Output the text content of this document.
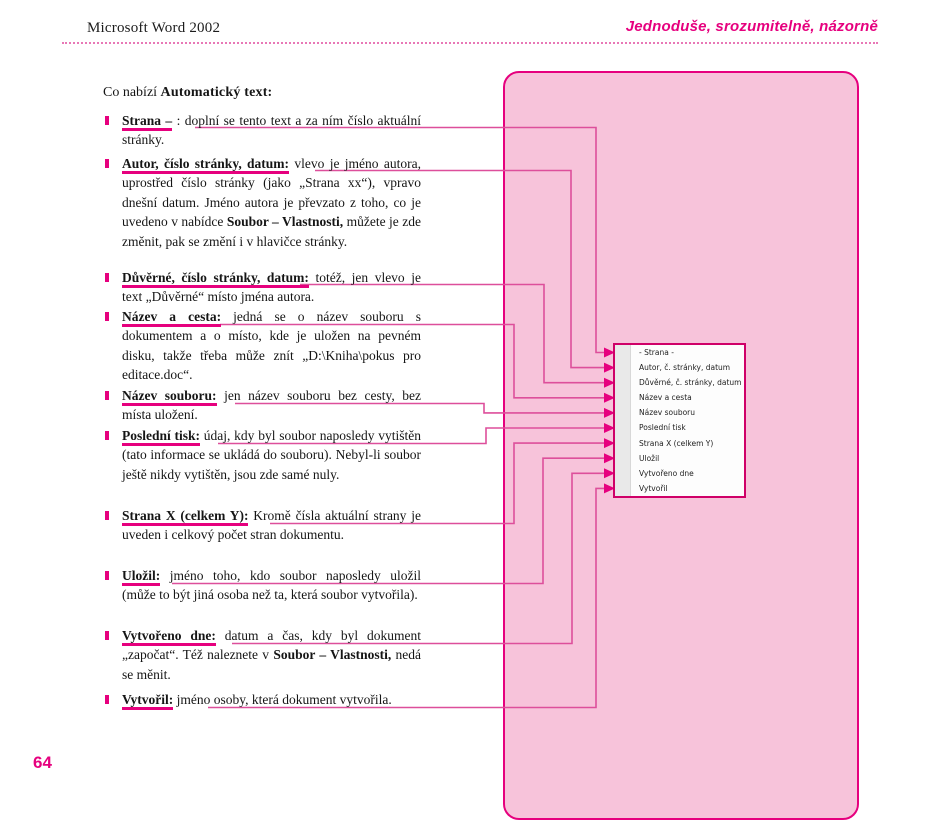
Microsoft Word 2002	Jednoduše, srozumitelně, názorně
Co nabízí Automatický text:
Strana – : doplní se tento text a za ním číslo aktuální stránky.
Autor, číslo stránky, datum: vlevo je jméno autora, uprostřed číslo stránky (jako „Strana xx“), vpravo dnešní datum. Jméno autora je převzato z toho, co je uvedeno v nabídce Soubor – Vlastnosti, můžete je zde změnit, pak se změní i v hlavičce stránky.
Důvěrné, číslo stránky, datum: totéž, jen vlevo je text „Důvěrné“ místo jména autora.
Název a cesta: jedná se o název souboru s dokumentem a o místo, kde je uložen na pevném disku, takže třeba může znít „D:\Kniha\pokus pro editace.doc“.
Název souboru: jen název souboru bez cesty, bez místa uložení.
Poslední tisk: údaj, kdy byl soubor naposledy vytištěn (tato informace se ukládá do souboru). Nebyl-li soubor ještě nikdy vytištěn, jsou zde samé nuly.
Strana X (celkem Y): Kromě čísla aktuální strany je uveden i celkový počet stran dokumentu.
Uložil: jméno toho, kdo soubor naposledy uložil (může to být jiná osoba než ta, která soubor vytvořila).
Vytvořeno dne: datum a čas, kdy byl dokument „započat“. Též naleznete v Soubor – Vlastnosti, nedá se měnit.
Vytvořil: jméno osoby, která dokument vytvořila.
- Strana -
Autor, č. stránky, datum
Důvěrné, č. stránky, datum
Název a cesta
Název souboru
Poslední tisk
Strana X (celkem Y)
Uložil
Vytvořeno dne
Vytvořil
64
